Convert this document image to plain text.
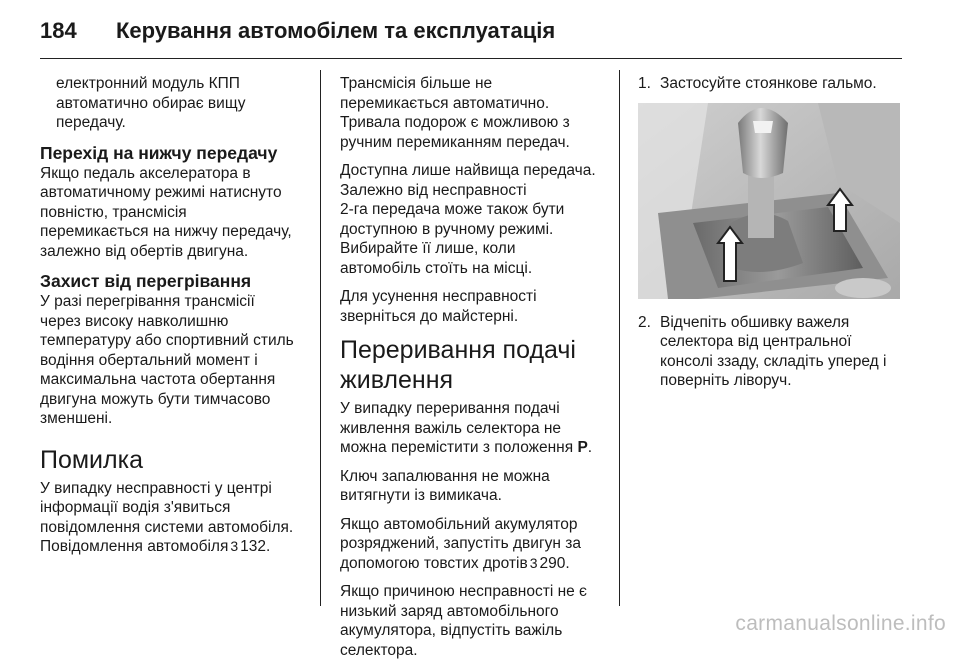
184	Керування автомобілем та експлуатація

електронний модуль КПП
автоматично обирає вищу
передачу.

Перехід на нижчу передачу

Якщо педаль акселератора в
автоматичному режимі натиснуто
повністю, трансмісія
перемикається на нижчу передачу,
залежно від обертів двигуна.

Захист від перегрівання

У разі перегрівання трансмісії
через високу навколишню
температуру або спортивний стиль
водіння обертальний момент і
максимальна частота обертання
двигуна можуть бути тимчасово
зменшені.

Помилка

У випадку несправності у центрі
інформації водія з'явиться
повідомлення системи автомобіля.
Повідомлення автомобіля 3 132.

Трансмісія більше не
перемикається автоматично.
Тривала подорож є можливою з
ручним перемиканням передач.

Доступна лише найвища передача.
Залежно від несправності
2-га передача може також бути
доступною в ручному режимі.
Вибирайте її лише, коли
автомобіль стоїть на місці.

Для усунення несправності
зверніться до майстерні.

Переривання подачі
живлення

У випадку переривання подачі
живлення важіль селектора не
можна перемістити з положення P.

Ключ запалювання не можна
витягнути із вимикача.

Якщо автомобільний акумулятор
розряджений, запустіть двигун за
допомогою товстих дротів 3 290.

Якщо причиною несправності не є
низький заряд автомобільного
акумулятора, відпустіть важіль
селектора.

1. Застосуйте стоянкове гальмо.
2. Відчепіть обшивку важеля
селектора від центральної
консолі ззаду, складіть уперед і
поверніть ліворуч.
carmanualsonline.info
